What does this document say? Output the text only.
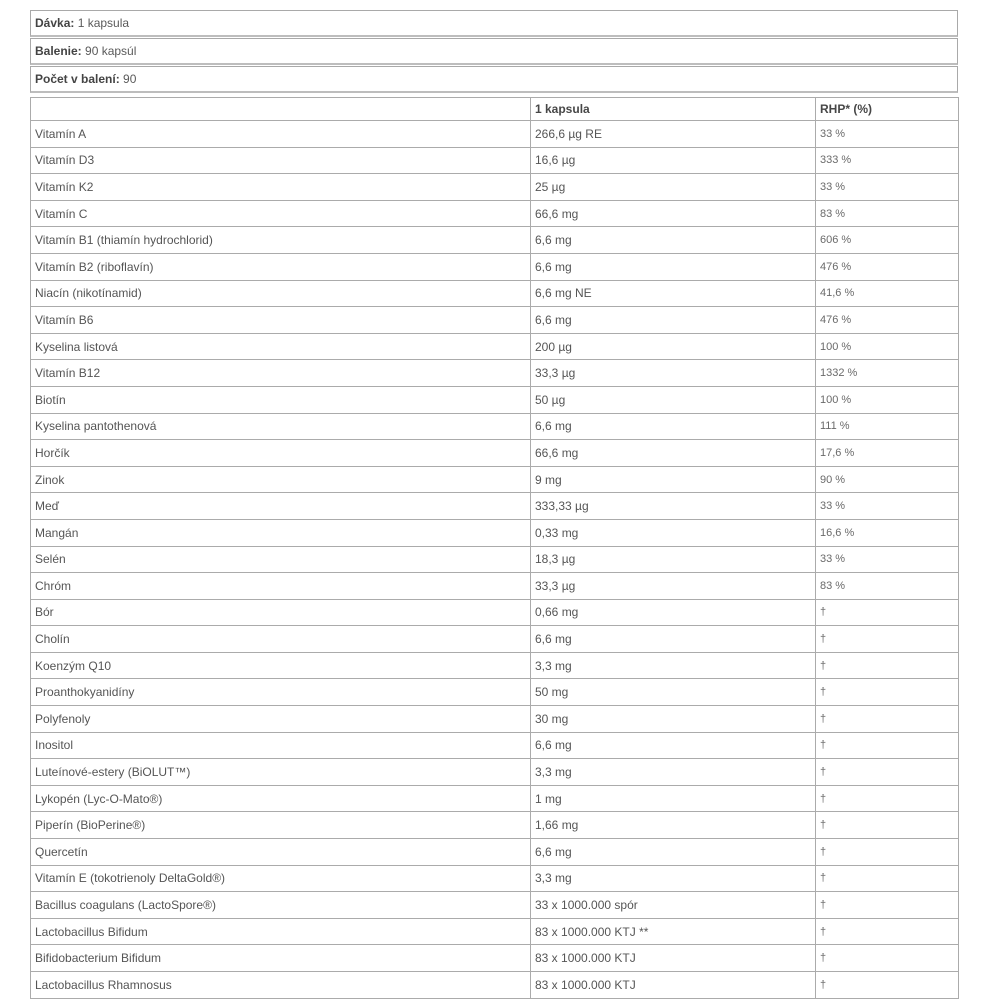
Dávka: 1 kapsula
Balenie: 90 kapsúl
Počet v balení: 90
	1 kapsula	RHP* (%)
Vitamín A	266,6 µg RE	33 %
Vitamín D3	16,6 µg	333 %
Vitamín K2	25 µg	33 %
Vitamín C	66,6 mg	83 %
Vitamín B1 (thiamín hydrochlorid)	6,6 mg	606 %
Vitamín B2 (riboflavín)	6,6 mg	476 %
Niacín (nikotínamid)	6,6 mg NE	41,6 %
Vitamín B6	6,6 mg	476 %
Kyselina listová	200 µg	100 %
Vitamín B12	33,3 µg	1332 %
Biotín	50 µg	100 %
Kyselina pantothenová	6,6 mg	111 %
Horčík	66,6 mg	17,6 %
Zinok	9 mg	90 %
Meď	333,33 µg	33 %
Mangán	0,33 mg	16,6 %
Selén	18,3 µg	33 %
Chróm	33,3 µg	83 %
Bór	0,66 mg	†
Cholín	6,6 mg	†
Koenzým Q10	3,3 mg	†
Proanthokyanidíny	50 mg	†
Polyfenoly	30 mg	†
Inositol	6,6 mg	†
Luteínové-estery (BiOLUT™)	3,3 mg	†
Lykopén (Lyc-O-Mato®)	1 mg	†
Piperín (BioPerine®)	1,66 mg	†
Quercetín	6,6 mg	†
Vitamín E (tokotrienoly DeltaGold®)	3,3 mg	†
Bacillus coagulans (LactoSpore®)	33 x 1000.000 spór	†
Lactobacillus Bifidum	83 x 1000.000 KTJ **	†
Bifidobacterium Bifidum	83 x 1000.000 KTJ	†
Lactobacillus Rhamnosus	83 x 1000.000 KTJ	†
